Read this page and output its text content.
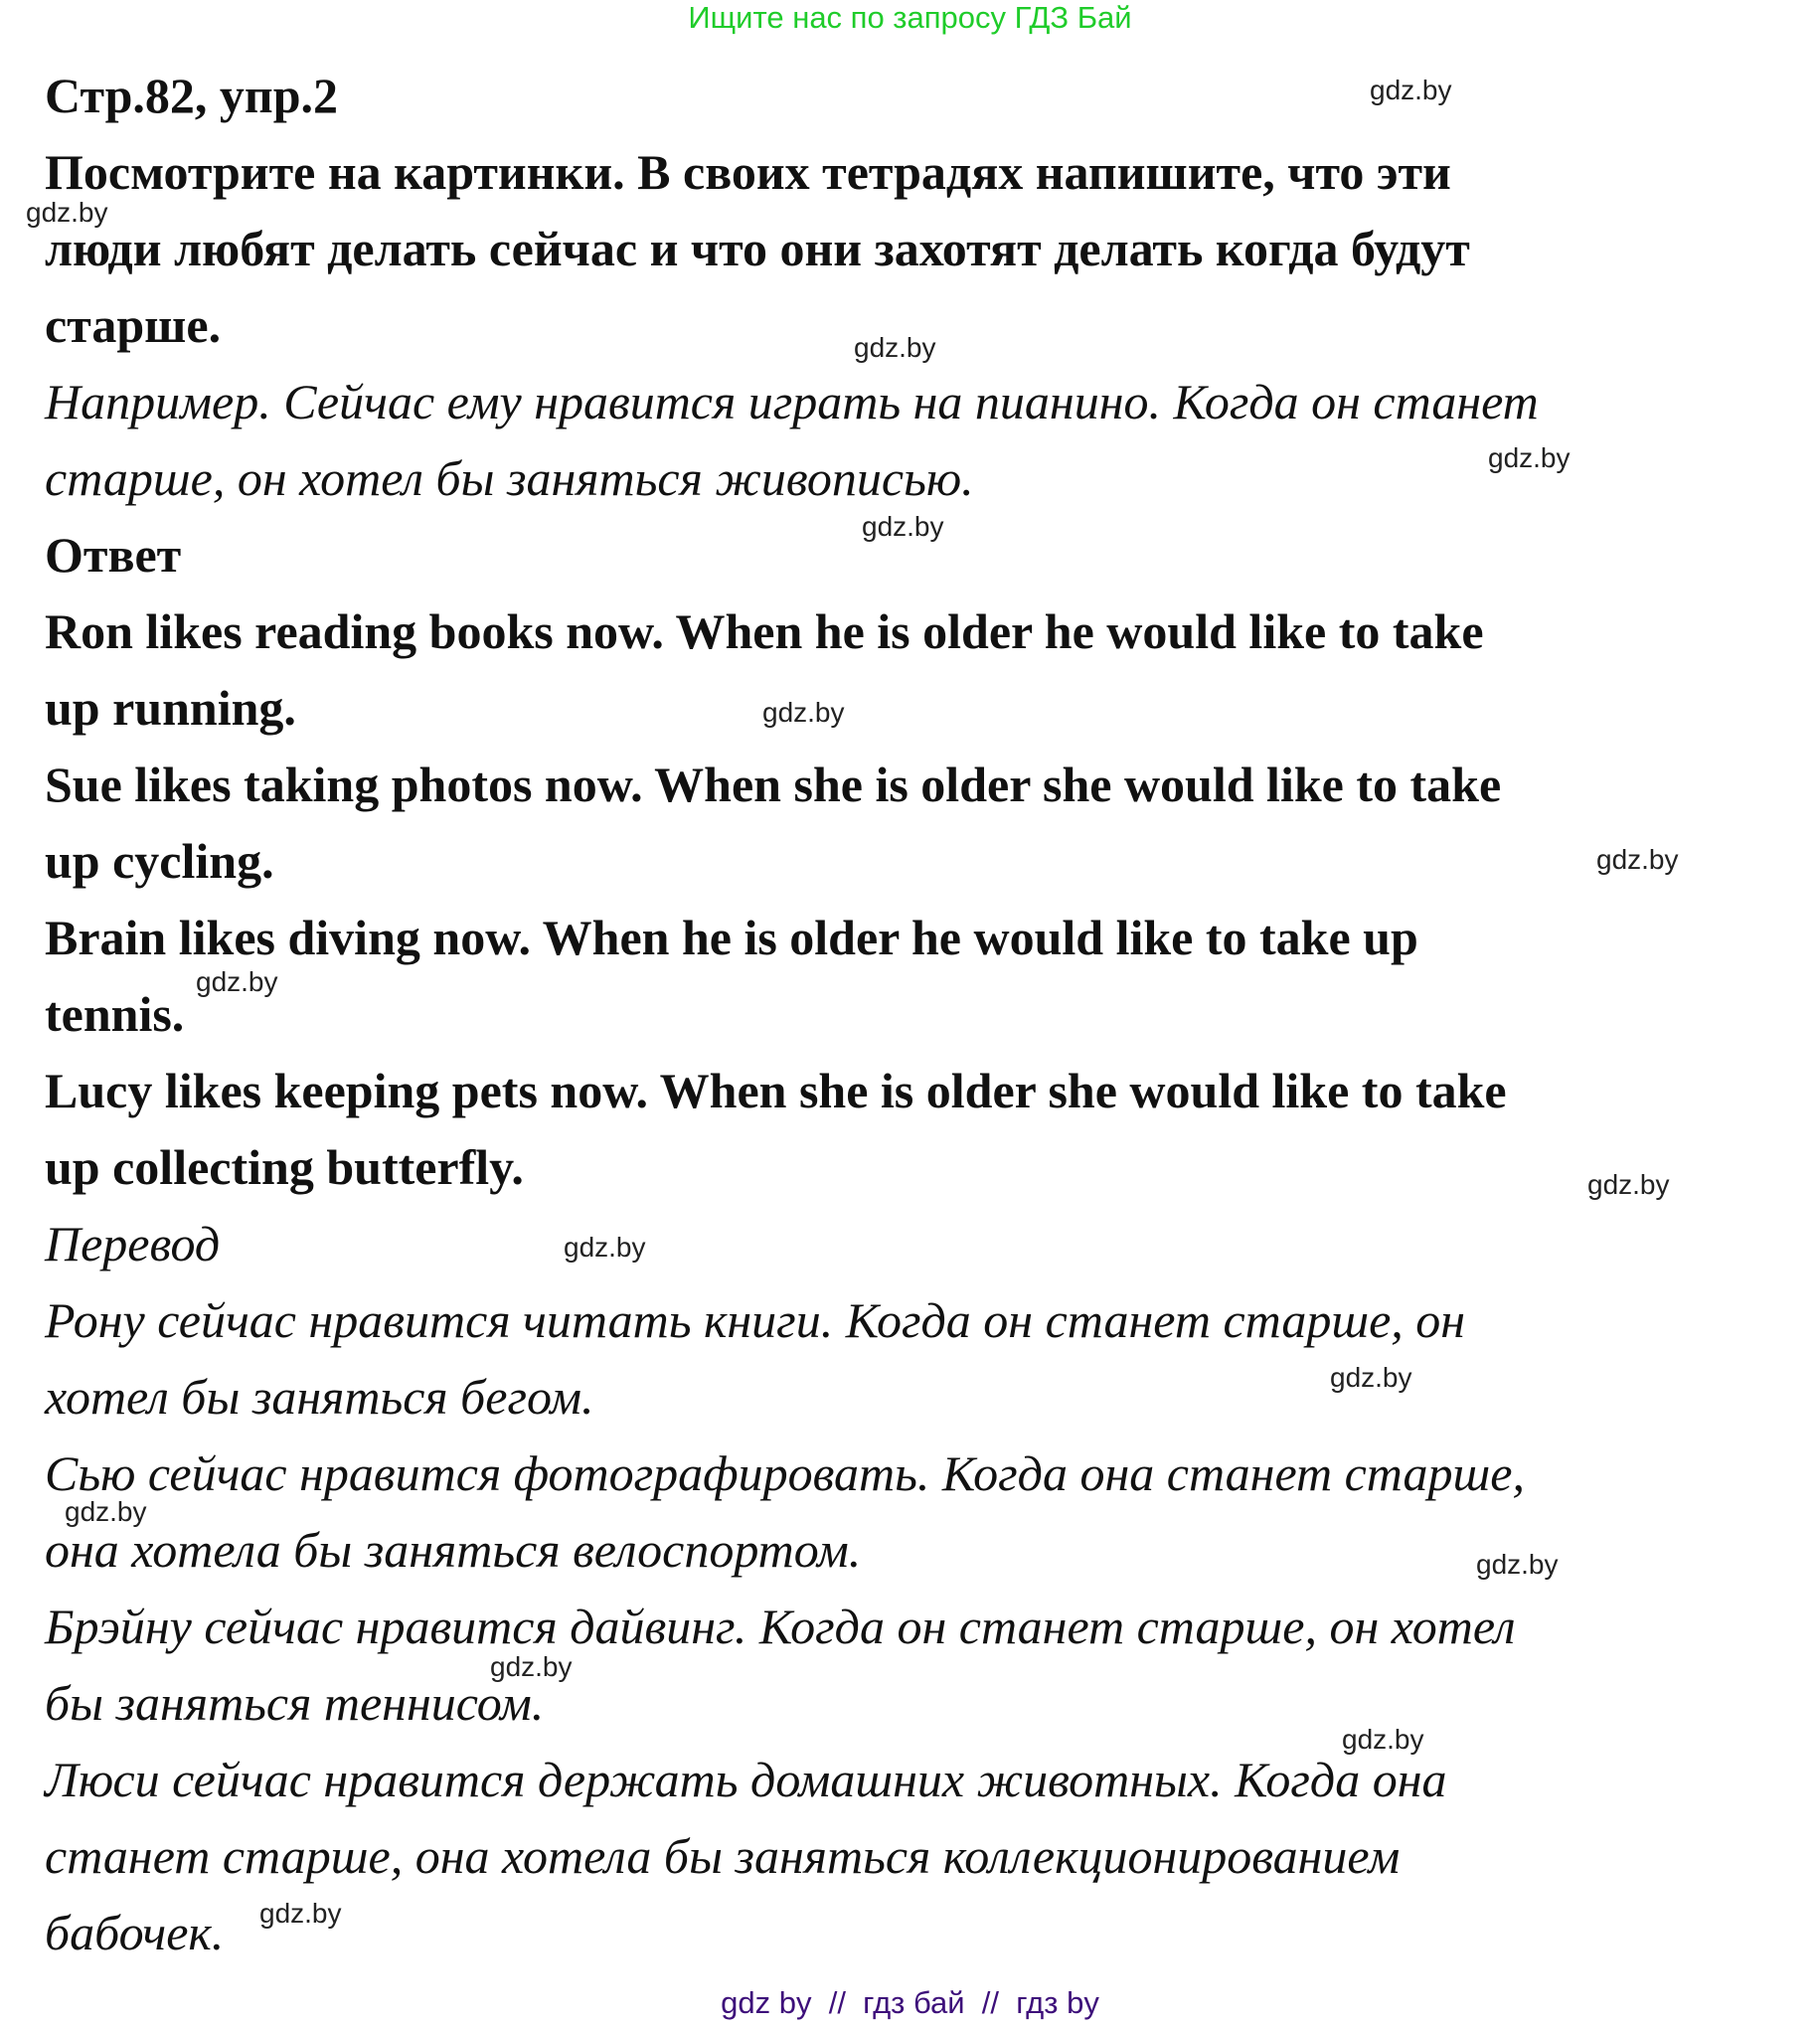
Ищите нас по запросу ГДЗ Бай
Стр.82, упр.2
Посмотрите на картинки. В своих тетрадях напишите, что эти
люди любят делать сейчас и что они захотят делать когда будут
старше.
Например. Сейчас ему нравится играть на пианино. Когда он станет
старше, он хотел бы заняться живописью.
Ответ
Ron likes reading books now. When he is older he would like to take
up running.
Sue likes taking photos now. When she is older she would like to take
up cycling.
Brain likes diving now. When he is older he would like to take up
tennis.
Lucy likes keeping pets now. When she is older she would like to take
up collecting butterfly.
Перевод
Рону сейчас нравится читать книги. Когда он станет старше, он
хотел бы заняться бегом.
Сью сейчас нравится фотографировать. Когда она станет старше,
она хотела бы заняться велоспортом.
Брэйну сейчас нравится дайвинг. Когда он станет старше, он хотел
бы заняться теннисом.
Люси сейчас нравится держать домашних животных. Когда она
станет старше, она хотела бы заняться коллекционированием
бабочек.
gdz.by
gdz.by
gdz.by
gdz.by
gdz.by
gdz.by
gdz.by
gdz.by
gdz.by
gdz.by
gdz.by
gdz.by
gdz.by
gdz.by
gdz.by
gdz.by
gdz by  //  гдз бай  //  гдз by
